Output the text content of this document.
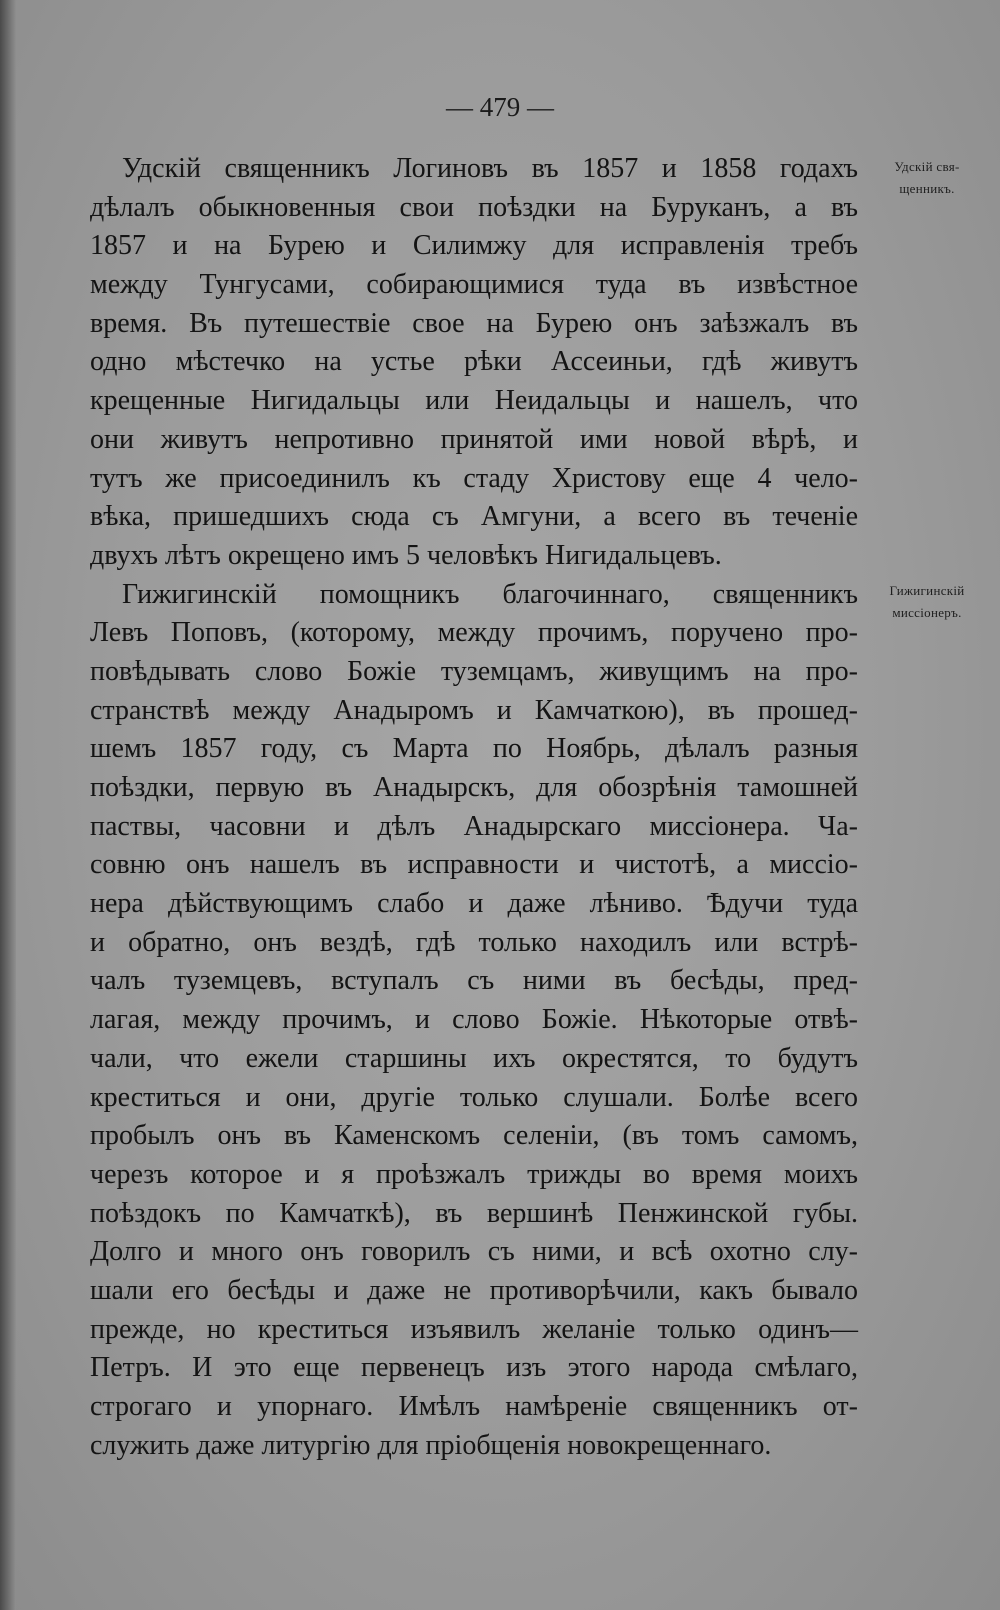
— 479 —
Удскій свя-
щенникъ.
Гижигинскій
миссіонеръ.
Удскій священникъ Логиновъ въ 1857 и 1858 годахъ
дѣлалъ обыкновенныя свои поѣздки на Буруканъ, а въ
1857 и на Бурею и Силимжу для исправленія требъ
между Тунгусами, собирающимися туда въ извѣстное
время. Въ путешествіе свое на Бурею онъ заѣзжалъ въ
одно мѣстечко на устье рѣки Ассеиньи, гдѣ живутъ
крещенные Нигидальцы или Неидальцы и нашелъ, что
они живутъ непротивно принятой ими новой вѣрѣ, и
тутъ же присоединилъ къ стаду Христову еще 4 чело-
вѣка, пришедшихъ сюда съ Амгуни, а всего въ теченіе
двухъ лѣтъ окрещено имъ 5 человѣкъ Нигидальцевъ.
Гижигинскій помощникъ благочиннаго, священникъ
Левъ Поповъ, (которому, между прочимъ, поручено про-
повѣдывать слово Божіе туземцамъ, живущимъ на про-
странствѣ между Анадыромъ и Камчаткою), въ прошед-
шемъ 1857 году, съ Марта по Ноябрь, дѣлалъ разныя
поѣздки, первую въ Анадырскъ, для обозрѣнія тамошней
паствы, часовни и дѣлъ Анадырскаго миссіонера. Ча-
совню онъ нашелъ въ исправности и чистотѣ, а миссіо-
нера дѣйствующимъ слабо и даже лѣниво. Ѣдучи туда
и обратно, онъ вездѣ, гдѣ только находилъ или встрѣ-
чалъ туземцевъ, вступалъ съ ними въ бесѣды, пред-
лагая, между прочимъ, и слово Божіе. Нѣкоторые отвѣ-
чали, что ежели старшины ихъ окрестятся, то будутъ
креститься и они, другіе только слушали. Болѣе всего
пробылъ онъ въ Каменскомъ селеніи, (въ томъ самомъ,
черезъ которое и я проѣзжалъ трижды во время моихъ
поѣздокъ по Камчаткѣ), въ вершинѣ Пенжинской губы.
Долго и много онъ говорилъ съ ними, и всѣ охотно слу-
шали его бесѣды и даже не противорѣчили, какъ бывало
прежде, но креститься изъявилъ желаніе только одинъ—
Петръ. И это еще первенецъ изъ этого народа смѣлаго,
строгаго и упорнаго. Имѣлъ намѣреніе священникъ от-
служить даже литургію для пріобщенія новокрещеннаго.
